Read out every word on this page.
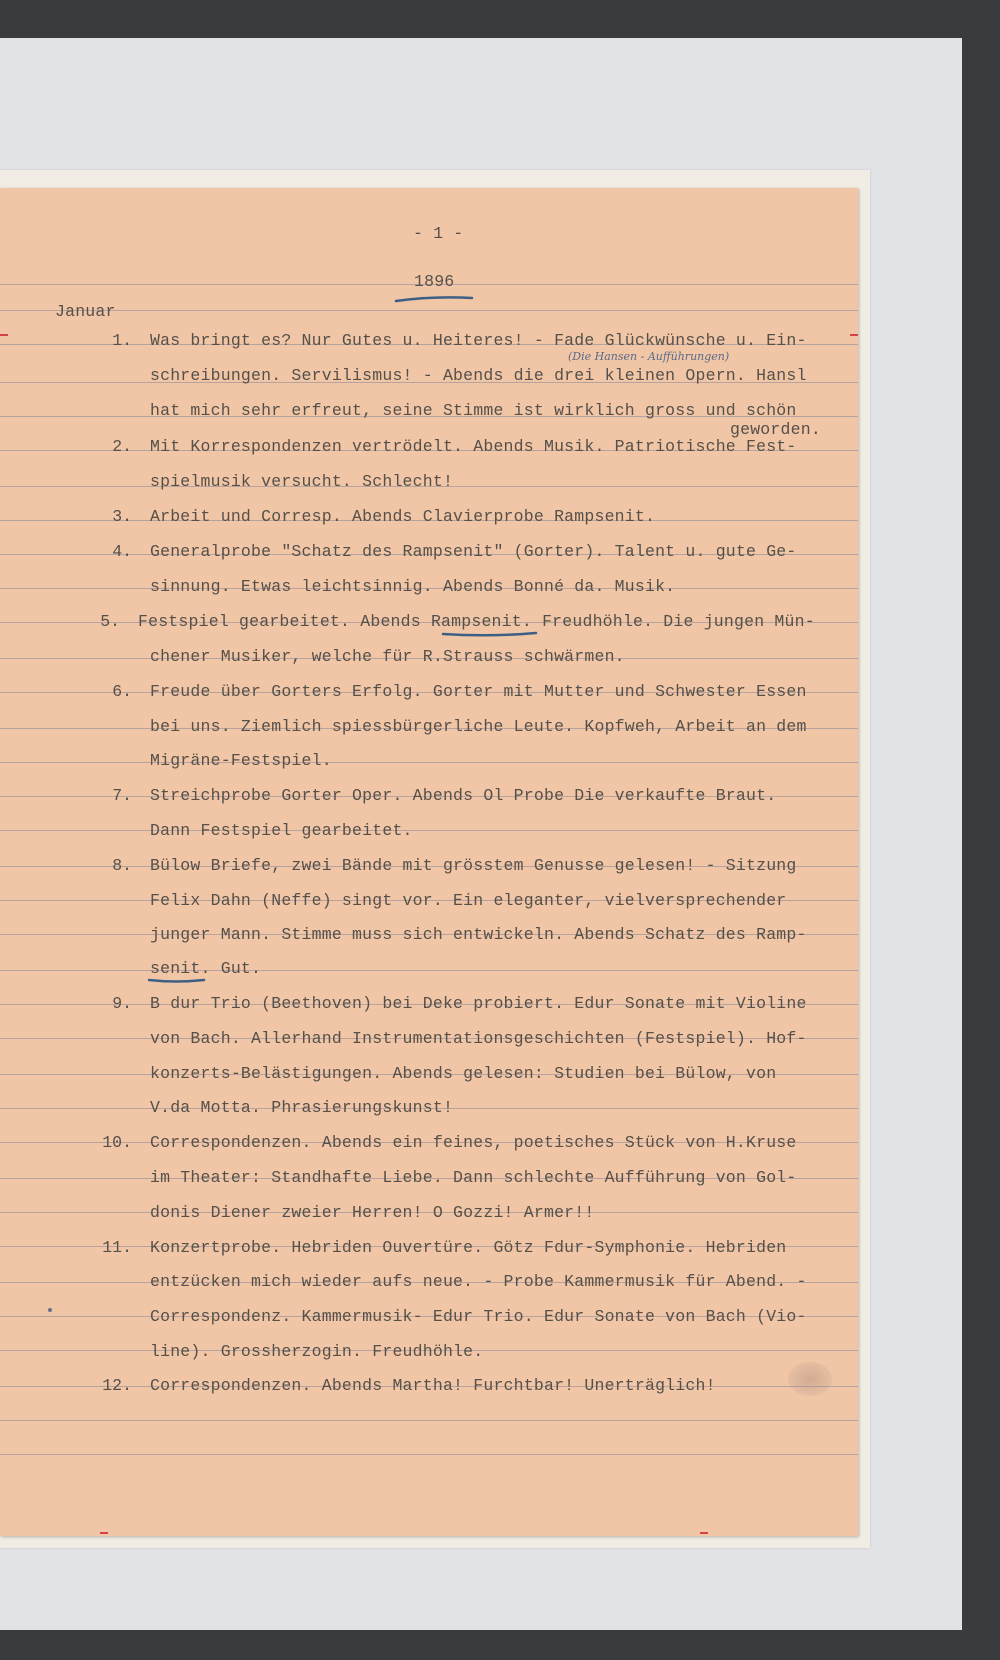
- 1 -
1896
Januar
(Die Hansen - Aufführungen)
1. Was bringt es? Nur Gutes u. Heiteres! - Fade Glückwünsche u. Ein-
schreibungen. Servilismus! - Abends die drei kleinen Opern. Hansl
hat mich sehr erfreut, seine Stimme ist wirklich gross und schön
geworden.
2. Mit Korrespondenzen vertrödelt. Abends Musik. Patriotische Fest-
spielmusik versucht. Schlecht!
3. Arbeit und Corresp. Abends Clavierprobe Rampsenit.
4. Generalprobe "Schatz des Rampsenit" (Gorter). Talent u. gute Ge-
sinnung. Etwas leichtsinnig. Abends Bonné da. Musik.
5. Festspiel gearbeitet. Abends Rampsenit. Freudhöhle. Die jungen Mün-
chener Musiker, welche für R.Strauss schwärmen.
6. Freude über Gorters Erfolg. Gorter mit Mutter und Schwester Essen
bei uns. Ziemlich spiessbürgerliche Leute. Kopfweh, Arbeit an dem
Migräne-Festspiel.
7. Streichprobe Gorter Oper. Abends Ol Probe Die verkaufte Braut.
Dann Festspiel gearbeitet.
8. Bülow Briefe, zwei Bände mit grösstem Genusse gelesen! - Sitzung
Felix Dahn (Neffe) singt vor. Ein eleganter, vielversprechender
junger Mann. Stimme muss sich entwickeln. Abends Schatz des Ramp-
senit. Gut.
9. B dur Trio (Beethoven) bei Deke probiert. Edur Sonate mit Violine
von Bach. Allerhand Instrumentationsgeschichten (Festspiel). Hof-
konzerts-Belästigungen. Abends gelesen: Studien bei Bülow, von
V.da Motta. Phrasierungskunst!
10. Correspondenzen. Abends ein feines, poetisches Stück von H.Kruse
im Theater: Standhafte Liebe. Dann schlechte Aufführung von Gol-
donis Diener zweier Herren! O Gozzi! Armer!!
11. Konzertprobe. Hebriden Ouvertüre. Götz Fdur-Symphonie. Hebriden
entzücken mich wieder aufs neue. - Probe Kammermusik für Abend. -
Correspondenz. Kammermusik- Edur Trio. Edur Sonate von Bach (Vio-
line). Grossherzogin. Freudhöhle.
12. Correspondenzen. Abends Martha! Furchtbar! Unerträglich!
